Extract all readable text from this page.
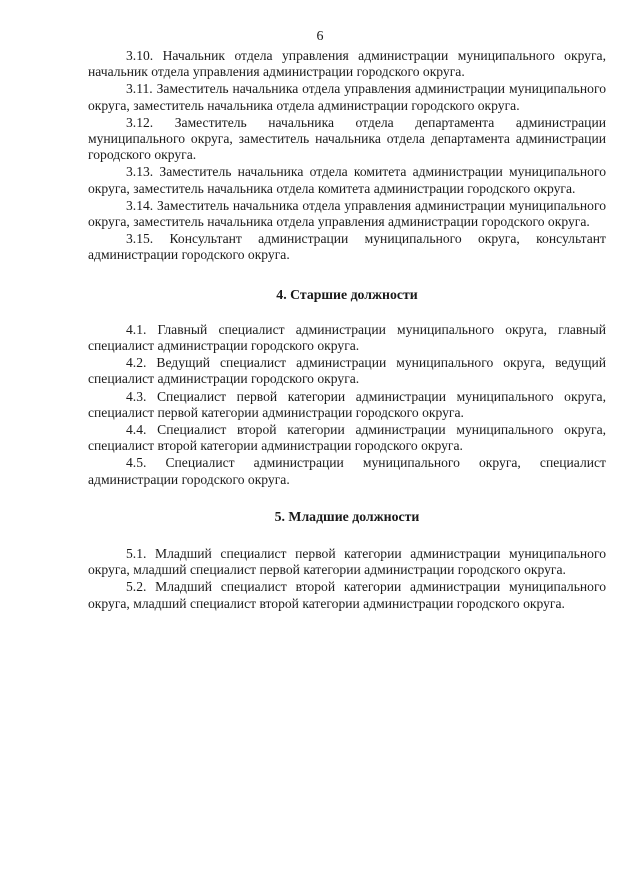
6

3.10. Начальник отдела управления администрации муниципального округа, начальник отдела управления администрации городского округа.

3.11. Заместитель начальника отдела управления администрации муниципального округа, заместитель начальника отдела администрации городского округа.

3.12. Заместитель начальника отдела департамента администрации муниципального округа, заместитель начальника отдела департамента администрации городского округа.

3.13. Заместитель начальника отдела комитета администрации муниципального округа, заместитель начальника отдела комитета администрации городского округа.

3.14. Заместитель начальника отдела управления администрации муниципального округа, заместитель начальника отдела управления администрации городского округа.

3.15. Консультант администрации муниципального округа, консультант администрации городского округа.

4. Старшие должности

4.1. Главный специалист администрации муниципального округа, главный специалист администрации городского округа.

4.2. Ведущий специалист администрации муниципального округа, ведущий специалист администрации городского округа.

4.3. Специалист первой категории администрации муниципального округа, специалист первой категории администрации городского округа.

4.4. Специалист второй категории администрации муниципального округа, специалист второй категории администрации городского округа.

4.5. Специалист администрации муниципального округа, специалист администрации городского округа.

5. Младшие должности

5.1. Младший специалист первой категории администрации муниципального округа, младший специалист первой категории администрации городского округа.

5.2. Младший специалист второй категории администрации муниципального округа, младший специалист второй категории администрации городского округа.
